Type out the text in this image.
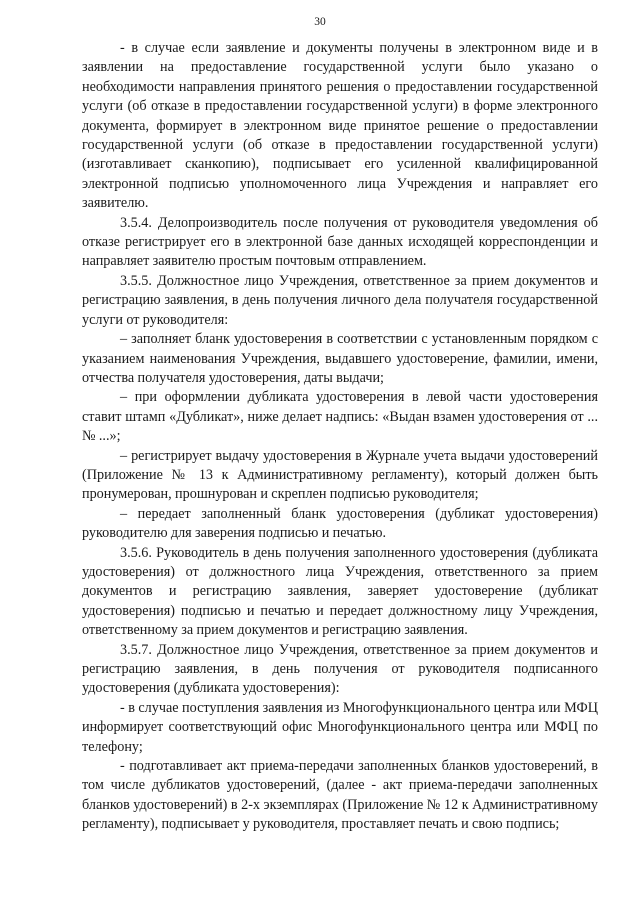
30

- в случае если заявление и документы получены в электронном виде и в заявлении на предоставление государственной услуги было указано о необходимости направления принятого решения о предоставлении государственной услуги (об отказе в предоставлении государственной услуги) в форме электронного документа, формирует в электронном виде принятое решение о предоставлении государственной услуги (об отказе в предоставлении государственной услуги) (изготавливает сканкопию), подписывает его усиленной квалифицированной электронной подписью уполномоченного лица Учреждения и направляет его заявителю.

3.5.4. Делопроизводитель после получения от руководителя уведомления об отказе регистрирует его в электронной базе данных исходящей корреспонденции и направляет заявителю простым почтовым отправлением.

3.5.5. Должностное лицо Учреждения, ответственное за прием документов и регистрацию заявления, в день получения личного дела получателя государственной услуги от руководителя:

– заполняет бланк удостоверения в соответствии с установленным порядком с указанием наименования Учреждения, выдавшего удостоверение, фамилии, имени, отчества получателя удостоверения, даты выдачи;

– при оформлении дубликата удостоверения в левой части удостоверения ставит штамп «Дубликат», ниже делает надпись: «Выдан взамен удостоверения от ... № ...»;

– регистрирует выдачу удостоверения в Журнале учета выдачи удостоверений (Приложение № 13 к Административному регламенту), который должен быть пронумерован, прошнурован и скреплен подписью руководителя;

– передает заполненный бланк удостоверения (дубликат удостоверения) руководителю для заверения подписью и печатью.

3.5.6. Руководитель в день получения заполненного удостоверения (дубликата удостоверения) от должностного лица Учреждения, ответственного за прием документов и регистрацию заявления, заверяет удостоверение (дубликат удостоверения) подписью и печатью и передает должностному лицу Учреждения, ответственному за прием документов и регистрацию заявления.

3.5.7. Должностное лицо Учреждения, ответственное за прием документов и регистрацию заявления, в день получения от руководителя подписанного удостоверения (дубликата удостоверения):

- в случае поступления заявления из Многофункционального центра или МФЦ информирует соответствующий офис Многофункционального центра или МФЦ по телефону;

- подготавливает акт приема-передачи заполненных бланков удостоверений, в том числе дубликатов удостоверений, (далее - акт приема-передачи заполненных бланков удостоверений) в 2-х экземплярах (Приложение № 12 к Административному регламенту), подписывает у руководителя, проставляет печать и свою подпись;
